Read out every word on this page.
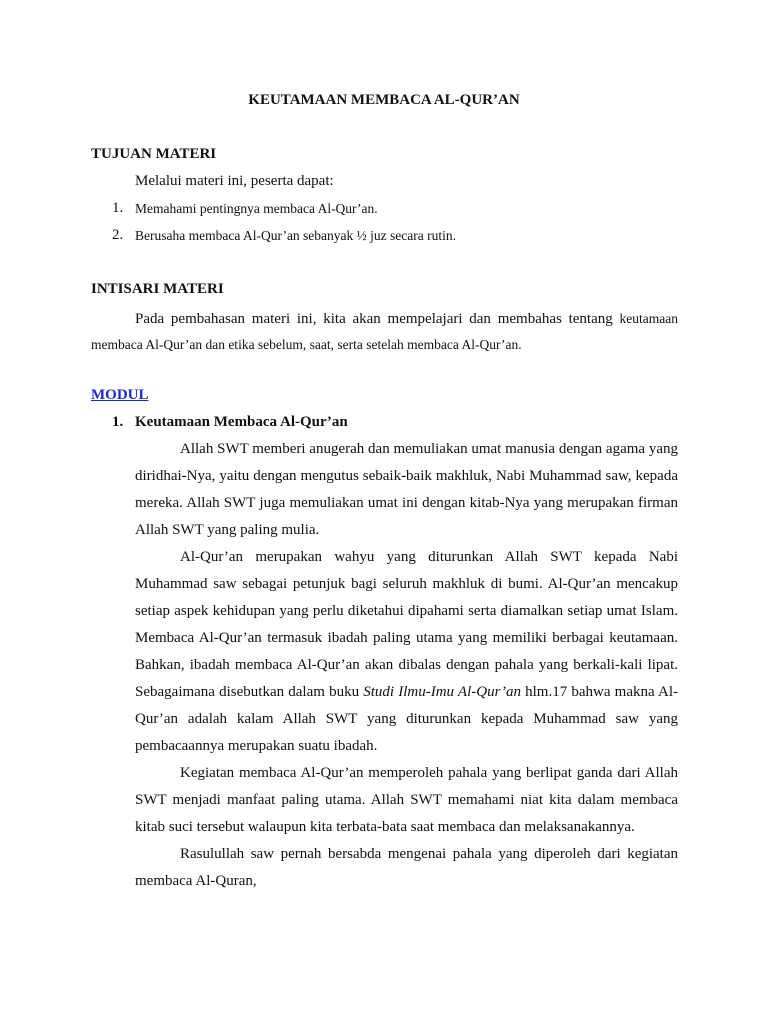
KEUTAMAAN MEMBACA AL-QUR’AN
TUJUAN MATERI
Melalui materi ini, peserta dapat:
1. Memahami pentingnya membaca Al-Qur’an.
2. Berusaha membaca Al-Qur’an sebanyak ½ juz secara rutin.
INTISARI MATERI

Pada pembahasan materi ini, kita akan mempelajari dan membahas tentang keutamaan membaca Al-Qur’an dan etika sebelum, saat, serta setelah membaca Al-Qur’an.

MODUL
1. Keutamaan Membaca Al-Qur’an

Allah SWT memberi anugerah dan memuliakan umat manusia dengan agama yang diridhai-Nya, yaitu dengan mengutus sebaik-baik makhluk, Nabi Muhammad saw, kepada mereka. Allah SWT juga memuliakan umat ini dengan kitab-Nya yang merupakan firman Allah SWT yang paling mulia.

Al-Qur’an merupakan wahyu yang diturunkan Allah SWT kepada Nabi Muhammad saw sebagai petunjuk bagi seluruh makhluk di bumi. Al-Qur’an mencakup setiap aspek kehidupan yang perlu diketahui dipahami serta diamalkan setiap umat Islam. Membaca Al-Qur’an termasuk ibadah paling utama yang memiliki berbagai keutamaan. Bahkan, ibadah membaca Al-Qur’an akan dibalas dengan pahala yang berkali-kali lipat. Sebagaimana disebutkan dalam buku Studi Ilmu-Imu Al-Qur’an hlm.17 bahwa makna Al-Qur’an adalah kalam Allah SWT yang diturunkan kepada Muhammad saw yang pembacaannya merupakan suatu ibadah.

Kegiatan membaca Al-Qur’an memperoleh pahala yang berlipat ganda dari Allah SWT menjadi manfaat paling utama. Allah SWT memahami niat kita dalam membaca kitab suci tersebut walaupun kita terbata-bata saat membaca dan melaksanakannya.

Rasulullah saw pernah bersabda mengenai pahala yang diperoleh dari kegiatan membaca Al-Quran,
